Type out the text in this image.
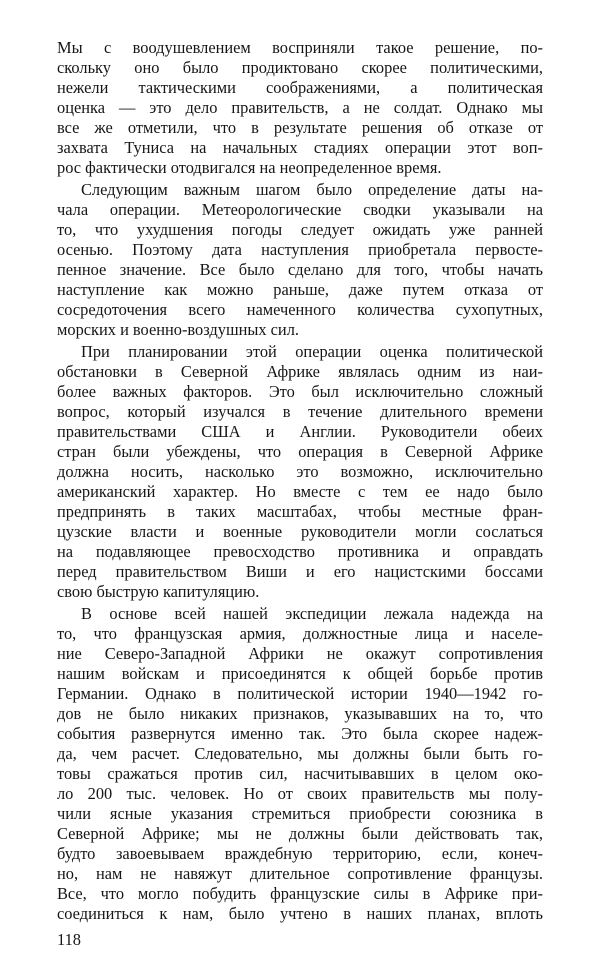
Мы с воодушевлением восприняли такое решение, по-
скольку оно было продиктовано скорее политическими,
нежели тактическими соображениями, а политическая
оценка — это дело правительств, а не солдат. Однако мы
все же отметили, что в результате решения об отказе от
захвата Туниса на начальных стадиях операции этот воп-
рос фактически отодвигался на неопределенное время.
Следующим важным шагом было определение даты на-
чала операции. Метеорологические сводки указывали на
то, что ухудшения погоды следует ожидать уже ранней
осенью. Поэтому дата наступления приобретала первосте-
пенное значение. Все было сделано для того, чтобы начать
наступление как можно раньше, даже путем отказа от
сосредоточения всего намеченного количества сухопутных,
морских и военно-воздушных сил.
При планировании этой операции оценка политической
обстановки в Северной Африке являлась одним из наи-
более важных факторов. Это был исключительно сложный
вопрос, который изучался в течение длительного времени
правительствами США и Англии. Руководители обеих
стран были убеждены, что операция в Северной Африке
должна носить, насколько это возможно, исключительно
американский характер. Но вместе с тем ее надо было
предпринять в таких масштабах, чтобы местные фран-
цузские власти и военные руководители могли сослаться
на подавляющее превосходство противника и оправдать
перед правительством Виши и его нацистскими боссами
свою быструю капитуляцию.
В основе всей нашей экспедиции лежала надежда на
то, что французская армия, должностные лица и населе-
ние Северо-Западной Африки не окажут сопротивления
нашим войскам и присоединятся к общей борьбе против
Германии. Однако в политической истории 1940—1942 го-
дов не было никаких признаков, указывавших на то, что
события развернутся именно так. Это была скорее надеж-
да, чем расчет. Следовательно, мы должны были быть го-
товы сражаться против сил, насчитывавших в целом око-
ло 200 тыс. человек. Но от своих правительств мы полу-
чили ясные указания стремиться приобрести союзника в
Северной Африке; мы не должны были действовать так,
будто завоевываем враждебную территорию, если, конеч-
но, нам не навяжут длительное сопротивление французы.
Все, что могло побудить французские силы в Африке при-
соединиться к нам, было учтено в наших планах, вплоть
118
